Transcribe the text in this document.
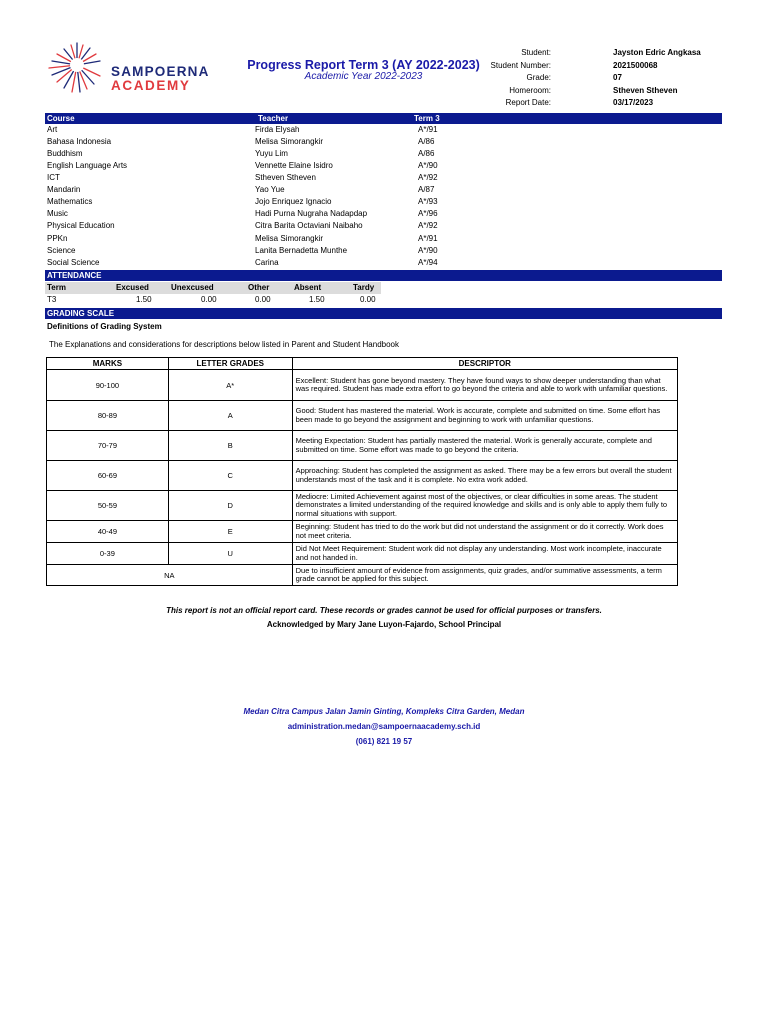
SAMPOERNA
ACADEMY
Progress Report Term 3 (AY 2022-2023)
Academic Year 2022-2023
Student:	Jayston Edric Angkasa
Student Number:	2021500068
Grade:	07
Homeroom:	Stheven Stheven
Report Date:	03/17/2023
Course	Teacher	Term 3
Art	Firda Elysah	A*/91
Bahasa Indonesia	Melisa Simorangkir	A/86
Buddhism	Yuyu Lim	A/86
English Language Arts	Vennette Elaine Isidro	A*/90
ICT	Stheven Stheven	A*/92
Mandarin	Yao Yue	A/87
Mathematics	Jojo Enriquez Ignacio	A*/93
Music	Hadi Purna Nugraha Nadapdap	A*/96
Physical Education	Citra Barita Octaviani Naibaho	A*/92
PPKn	Melisa Simorangkir	A*/91
Science	Lanita Bernadetta Munthe	A*/90
Social Science	Carina	A*/94
ATTENDANCE
Term	Excused	Unexcused	Other	Absent	Tardy
T3	1.50	0.00	0.00	1.50	0.00
GRADING SCALE
Definitions of Grading System
The Explanations and considerations for descriptions below listed in Parent and Student Handbook
MARKS	LETTER GRADES	DESCRIPTOR
90-100	A*	Excellent: Student has gone beyond mastery. They have found ways to show deeper understanding than what was required. Student has made extra effort to go beyond the criteria and able to work with unfamiliar questions.
80-89	A	Good: Student has mastered the material. Work is accurate, complete and submitted on time. Some effort has been made to go beyond the assignment and beginning to work with unfamiliar questions.
70-79	B	Meeting Expectation: Student has partially mastered the material. Work is generally accurate, complete and submitted on time. Some effort was made to go beyond the criteria.
60-69	C	Approaching: Student has completed the assignment as asked. There may be a few errors but overall the student understands most of the task and it is complete. No extra work added.
50-59	D	Mediocre: Limited Achievement against most of the objectives, or clear difficulties in some areas. The student demonstrates a limited understanding of the required knowledge and skills and is only able to apply them fully to normal situations with support.
40-49	E	Beginning: Student has tried to do the work but did not understand the assignment or do it correctly. Work does not meet criteria.
0-39	U	Did Not Meet Requirement: Student work did not display any understanding. Most work incomplete, inaccurate and not handed in.
NA		Due to insufficient amount of evidence from assignments, quiz grades, and/or summative assessments, a term grade cannot be applied for this subject.
This report is not an official report card. These records or grades cannot be used for official purposes or transfers.
Acknowledged by Mary Jane Luyon-Fajardo, School Principal
Medan Citra Campus Jalan Jamin Ginting, Kompleks Citra Garden, Medan
administration.medan@sampoernaacademy.sch.id
(061) 821 19 57
